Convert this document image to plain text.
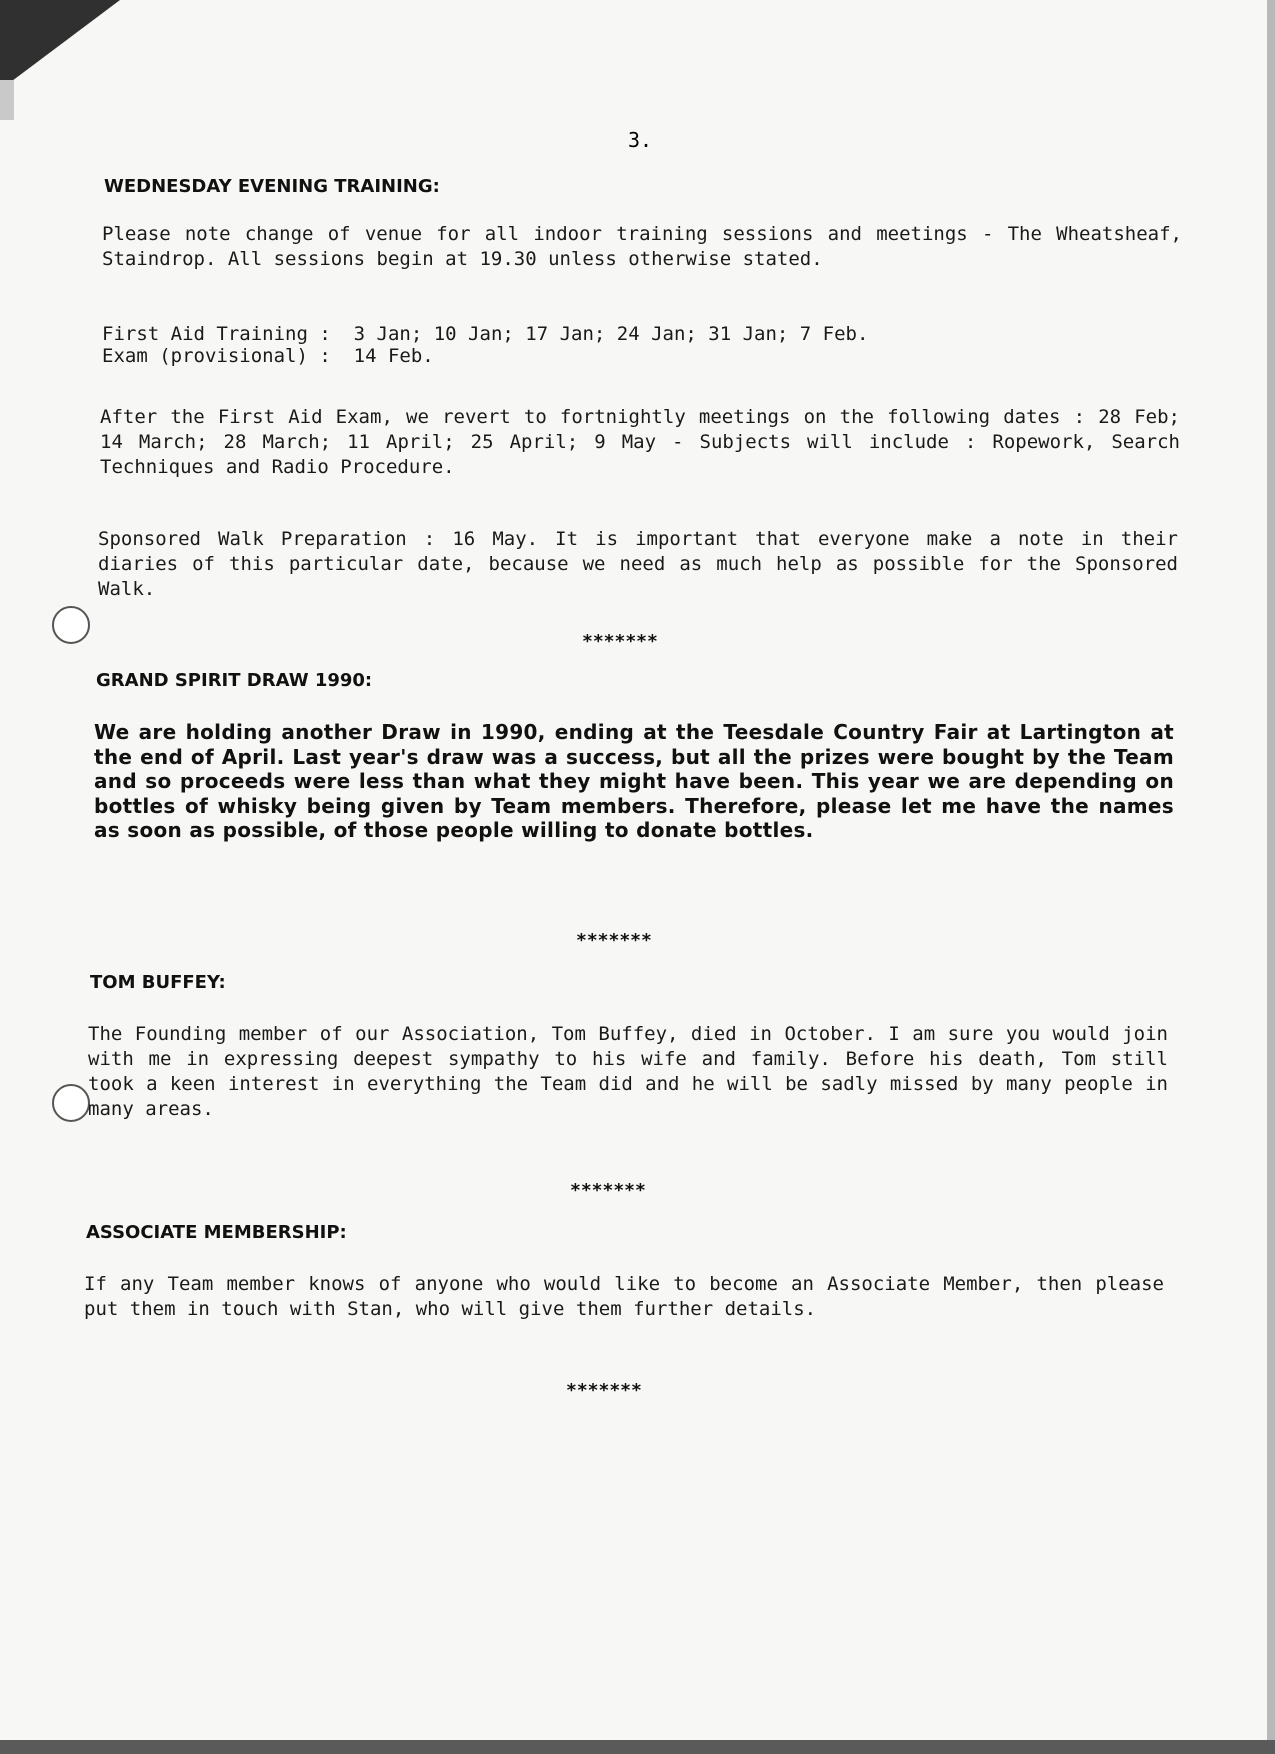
3.
WEDNESDAY EVENING TRAINING:
Please note change of venue for all indoor training sessions and meetings - The Wheatsheaf, Staindrop. All sessions begin at 19.30 unless otherwise stated.
First Aid Training : 3 Jan; 10 Jan; 17 Jan; 24 Jan; 31 Jan; 7 Feb.
Exam (provisional) : 14 Feb.
After the First Aid Exam, we revert to fortnightly meetings on the following dates : 28 Feb; 14 March; 28 March; 11 April; 25 April; 9 May - Subjects will include : Ropework, Search Techniques and Radio Procedure.
Sponsored Walk Preparation : 16 May. It is important that everyone make a note in their diaries of this particular date, because we need as much help as possible for the Sponsored Walk.
*******
GRAND SPIRIT DRAW 1990:
We are holding another Draw in 1990, ending at the Teesdale Country Fair at Lartington at the end of April. Last year's draw was a success, but all the prizes were bought by the Team and so proceeds were less than what they might have been. This year we are depending on bottles of whisky being given by Team members. Therefore, please let me have the names as soon as possible, of those people willing to donate bottles.
*******
TOM BUFFEY:
The Founding member of our Association, Tom Buffey, died in October. I am sure you would join with me in expressing deepest sympathy to his wife and family. Before his death, Tom still took a keen interest in everything the Team did and he will be sadly missed by many people in many areas.
*******
ASSOCIATE MEMBERSHIP:
If any Team member knows of anyone who would like to become an Associate Member, then please put them in touch with Stan, who will give them further details.
*******
